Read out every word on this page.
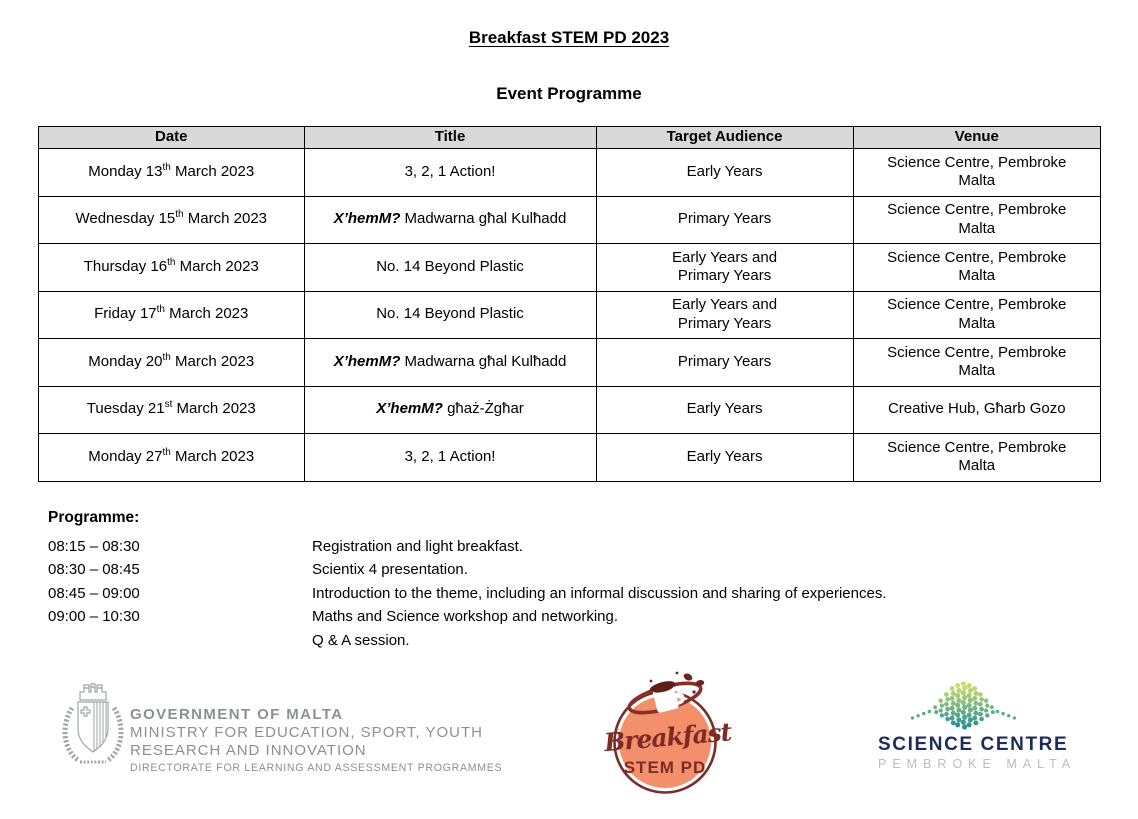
Breakfast STEM PD 2023
Event Programme
Date	Title	Target Audience	Venue
Monday 13th March 2023	3, 2, 1 Action!	Early Years	Science Centre, Pembroke
Malta
Wednesday 15th March 2023	X’hemM? Madwarna għal Kulħadd	Primary Years	Science Centre, Pembroke
Malta
Thursday 16th March 2023	No. 14 Beyond Plastic	Early Years and
Primary Years	Science Centre, Pembroke
Malta
Friday 17th March 2023	No. 14 Beyond Plastic	Early Years and
Primary Years	Science Centre, Pembroke
Malta
Monday 20th March 2023	X’hemM? Madwarna għal Kulħadd	Primary Years	Science Centre, Pembroke
Malta
Tuesday 21st March 2023	X’hemM? għaż-Żgħar	Early Years	Creative Hub, Għarb Gozo
Monday 27th March 2023	3, 2, 1 Action!	Early Years	Science Centre, Pembroke
Malta
Programme:
08:15 – 08:30	Registration and light breakfast.
08:30 – 08:45	Scientix 4 presentation.
08:45 – 09:00	Introduction to the theme, including an informal discussion and sharing of experiences.
09:00 – 10:30	Maths and Science workshop and networking.
Q & A session.
GOVERNMENT OF MALTA
MINISTRY FOR EDUCATION, SPORT, YOUTH
RESEARCH AND INNOVATION
DIRECTORATE FOR LEARNING AND ASSESSMENT PROGRAMMES
Breakfast
STEM PD
SCIENCE CENTRE
PEMBROKE MALTA
